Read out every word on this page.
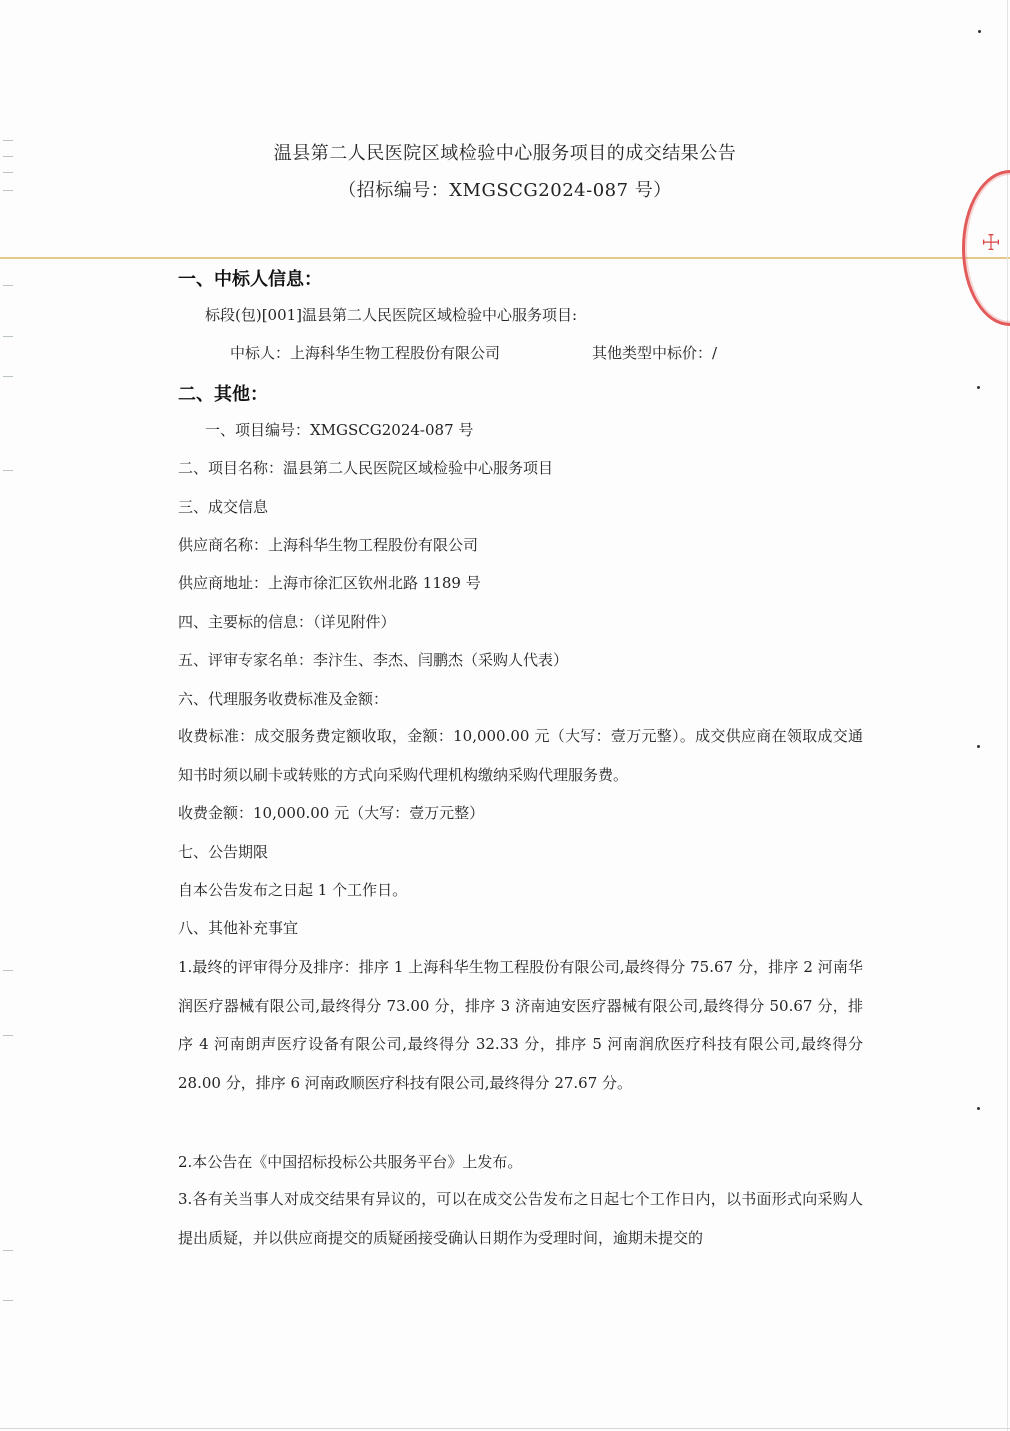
☩
温县第二人民医院区域检验中心服务项目的成交结果公告
（招标编号：XMGSCG2024-087 号）
一、中标人信息：
标段(包)[001]温县第二人民医院区域检验中心服务项目:
中标人：上海科华生物工程股份有限公司	其他类型中标价：/
二、其他：
一、项目编号：XMGSCG2024-087 号
二、项目名称：温县第二人民医院区域检验中心服务项目
三、成交信息
供应商名称：上海科华生物工程股份有限公司
供应商地址：上海市徐汇区钦州北路 1189 号
四、主要标的信息：（详见附件）
五、评审专家名单：李汴生、李杰、闫鹏杰（采购人代表）
六、代理服务收费标准及金额：
收费标准：成交服务费定额收取，金额：10,000.00 元（大写：壹万元整）。成交供应商在领取成交通知书时须以刷卡或转账的方式向采购代理机构缴纳采购代理服务费。
收费金额：10,000.00 元（大写：壹万元整）
七、公告期限
自本公告发布之日起 1 个工作日。
八、其他补充事宜
1.最终的评审得分及排序：排序 1 上海科华生物工程股份有限公司,最终得分 75.67 分，排序 2 河南华润医疗器械有限公司,最终得分 73.00 分，排序 3 济南迪安医疗器械有限公司,最终得分 50.67 分，排序 4 河南朗声医疗设备有限公司,最终得分 32.33 分，排序 5 河南润欣医疗科技有限公司,最终得分 28.00 分，排序 6 河南政顺医疗科技有限公司,最终得分 27.67 分。
2.本公告在《中国招标投标公共服务平台》上发布。
3.各有关当事人对成交结果有异议的，可以在成交公告发布之日起七个工作日内，以书面形式向采购人提出质疑，并以供应商提交的质疑函接受确认日期作为受理时间，逾期未提交的
